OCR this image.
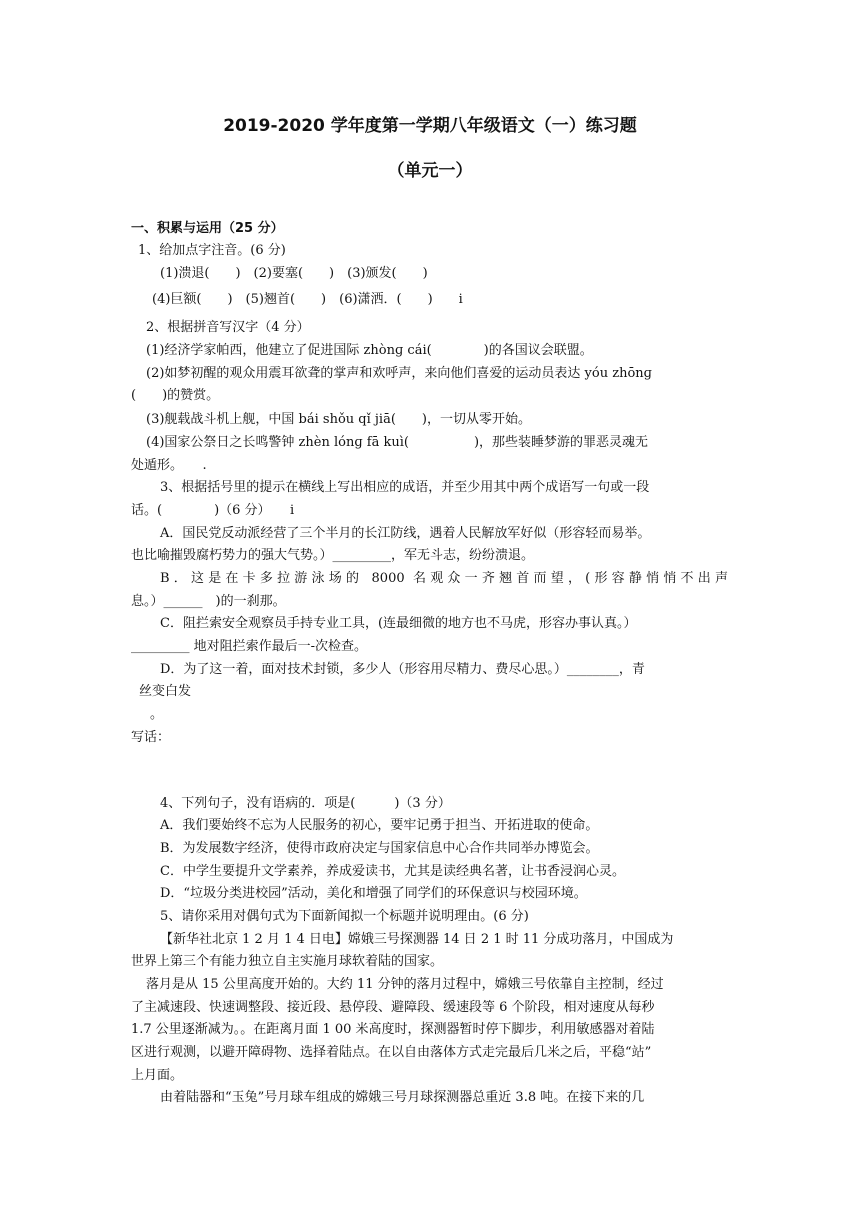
2019-2020 学年度第一学期八年级语文（一）练习题
（单元一）
一、积累与运用（25 分）
1、给加点字注音。(6 分)
(1)溃退(　　)　(2)要塞(　　)　(3)颁发(　　)
(4)巨额(　　)　(5)翘首(　　)　(6)潇洒．(　　)　　i
2、根据拼音写汉字（4 分）
(1)经济学家帕西，他建立了促进国际 zhònɡ cái(　　　　)的各国议会联盟。
(2)如梦初醒的观众用震耳欲聋的掌声和欢呼声，来向他们喜爱的运动员表达 yóu zhōnɡ
(　　)的赞赏。
(3)舰载战斗机上舰，中国 bái shǒu qǐ jiā(　　)，一切从零开始。
(4)国家公祭日之长鸣警钟 zhèn lónɡ fā kuì(　　　　　)，那些装睡梦游的罪恶灵魂无
处遁形。　　.
3、根据括号里的提示在横线上写出相应的成语，并至少用其中两个成语写一句或一段
话。(　　　　)（6 分）　　i
A．国民党反动派经营了三个半月的长江防线，遇着人民解放军好似（形容轻而易举。
也比喻摧毁腐朽势力的强大气势。）_________，军无斗志，纷纷溃退。
B．这是在卡多拉游泳场的 8000 名观众一齐翘首而望，(形容静悄悄不出声
息。）______　)的一刹那。
C．阻拦索安全观察员手持专业工具，(连最细微的地方也不马虎，形容办事认真。）
_________ 地对阻拦索作最后一-次检查。
D．为了这一着，面对技术封锁，多少人（形容用尽精力、费尽心思。）________，青
丝变白发
。
写话：
4、下列句子，没有语病的．项是(　　　)（3 分）
A．我们要始终不忘为人民服务的初心，要牢记勇于担当、开拓进取的使命。
B．为发展数字经济，使得市政府决定与国家信息中心合作共同举办博览会。
C．中学生要提升文学素养，养成爱读书，尤其是读经典名著，让书香浸润心灵。
D．“垃圾分类进校园”活动，美化和增强了同学们的环保意识与校园环境。
5、请你采用对偶句式为下面新闻拟一个标题并说明理由。(6 分)
【新华社北京 1 2 月 1 4 日电】嫦娥三号探测器 14 日 2 1 时 11 分成功落月，中国成为
世界上第三个有能力独立自主实施月球软着陆的国家。
落月是从 15 公里高度开始的。大约 11 分钟的落月过程中，嫦娥三号依靠自主控制，经过
了主减速段、快速调整段、接近段、悬停段、避障段、缓速段等 6 个阶段，相对速度从每秒
1.7 公里逐渐减为。。在距离月面 1 00 米高度时，探测器暂时停下脚步，利用敏感器对着陆
区进行观测，以避开障碍物、选择着陆点。在以自由落体方式走完最后几米之后，平稳“站”
上月面。
由着陆器和“玉兔”号月球车组成的嫦娥三号月球探测器总重近 3.8 吨。在接下来的几
